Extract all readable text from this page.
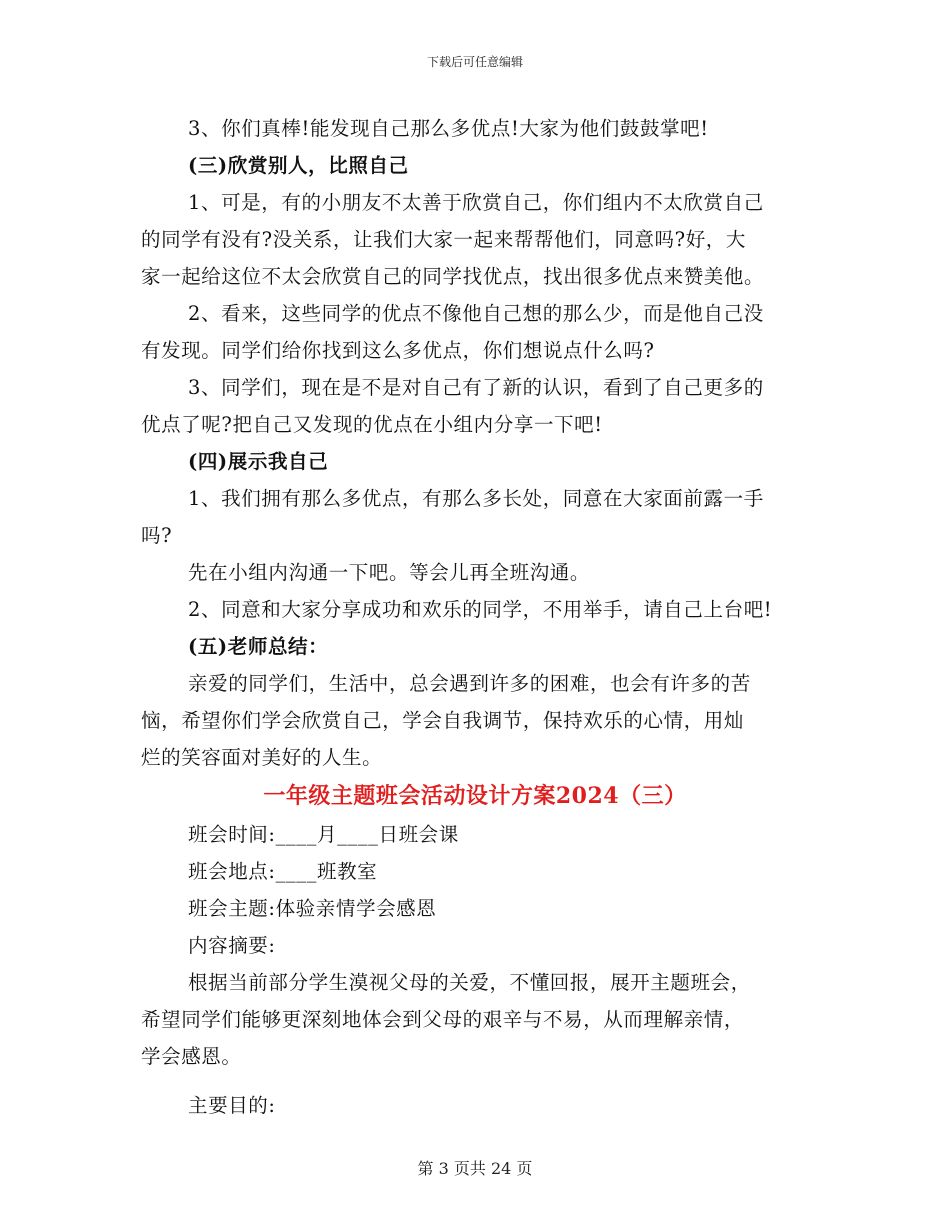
下载后可任意编辑
3、你们真棒!能发现自己那么多优点!大家为他们鼓鼓掌吧!
(三)欣赏别人，比照自己
1、可是，有的小朋友不太善于欣赏自己，你们组内不太欣赏自己
的同学有没有?没关系，让我们大家一起来帮帮他们，同意吗?好，大
家一起给这位不太会欣赏自己的同学找优点，找出很多优点来赞美他。
2、看来，这些同学的优点不像他自己想的那么少，而是他自己没
有发现。同学们给你找到这么多优点，你们想说点什么吗?
3、同学们，现在是不是对自己有了新的认识，看到了自己更多的
优点了呢?把自己又发现的优点在小组内分享一下吧!
(四)展示我自己
1、我们拥有那么多优点，有那么多长处，同意在大家面前露一手
吗?
先在小组内沟通一下吧。等会儿再全班沟通。
2、同意和大家分享成功和欢乐的同学，不用举手，请自己上台吧!
(五)老师总结：
亲爱的同学们，生活中，总会遇到许多的困难，也会有许多的苦
恼，希望你们学会欣赏自己，学会自我调节，保持欢乐的心情，用灿
烂的笑容面对美好的人生。
一年级主题班会活动设计方案2024（三）
班会时间:____月____日班会课
班会地点:____班教室
班会主题:体验亲情学会感恩
内容摘要:
根据当前部分学生漠视父母的关爱，不懂回报，展开主题班会，
希望同学们能够更深刻地体会到父母的艰辛与不易，从而理解亲情，
学会感恩。
主要目的:
第 3 页共 24 页
